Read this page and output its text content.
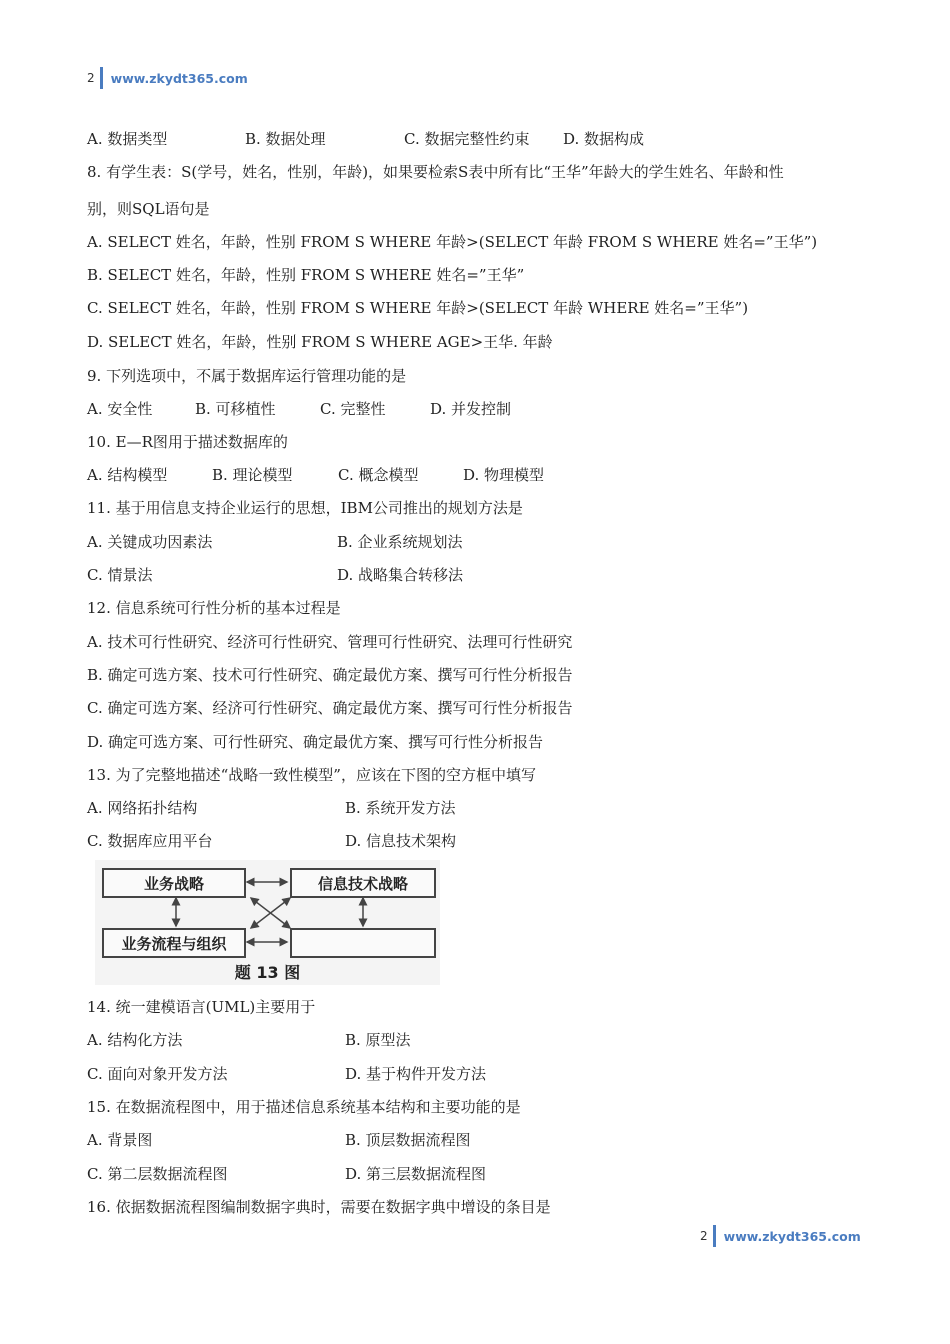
2 www.zkydt365.com
A. 数据类型	B. 数据处理	C. 数据完整性约束 D. 数据构成
8. 有学生表：S(学号，姓名，性别，年龄)，如果要检索S表中所有比“王华”年龄大的学生姓名、年龄和性
别，则SQL语句是
A. SELECT 姓名，年龄，性别 FROM S WHERE 年龄>(SELECT 年龄 FROM S WHERE 姓名=”王华”)
B. SELECT 姓名，年龄，性别 FROM S WHERE 姓名=”王华”
C. SELECT 姓名，年龄，性别 FROM S WHERE 年龄>(SELECT 年龄 WHERE 姓名=”王华”)
D. SELECT 姓名，年龄，性别 FROM S WHERE AGE>王华. 年龄
9. 下列选项中，不属于数据库运行管理功能的是
A. 安全性	B. 可移植性	C. 完整性	D. 并发控制
10. E—R图用于描述数据库的
A. 结构模型	B. 理论模型	C. 概念模型	D. 物理模型
11. 基于用信息支持企业运行的思想，IBM公司推出的规划方法是
A. 关键成功因素法	B. 企业系统规划法
C. 情景法	D. 战略集合转移法
12. 信息系统可行性分析的基本过程是
A. 技术可行性研究、经济可行性研究、管理可行性研究、法理可行性研究
B. 确定可选方案、技术可行性研究、确定最优方案、撰写可行性分析报告
C. 确定可选方案、经济可行性研究、确定最优方案、撰写可行性分析报告
D. 确定可选方案、可行性研究、确定最优方案、撰写可行性分析报告
13. 为了完整地描述“战略一致性模型”，应该在下图的空方框中填写
A. 网络拓扑结构	B. 系统开发方法
C. 数据库应用平台	D. 信息技术架构
业务战略	信息技术战略
业务流程与组织
题 13 图
14. 统一建模语言(UML)主要用于
A. 结构化方法	B. 原型法
C. 面向对象开发方法	D. 基于构件开发方法
15. 在数据流程图中，用于描述信息系统基本结构和主要功能的是
A. 背景图	B. 顶层数据流程图
C. 第二层数据流程图	D. 第三层数据流程图
16. 依据数据流程图编制数据字典时，需要在数据字典中增设的条目是
2 www.zkydt365.com
